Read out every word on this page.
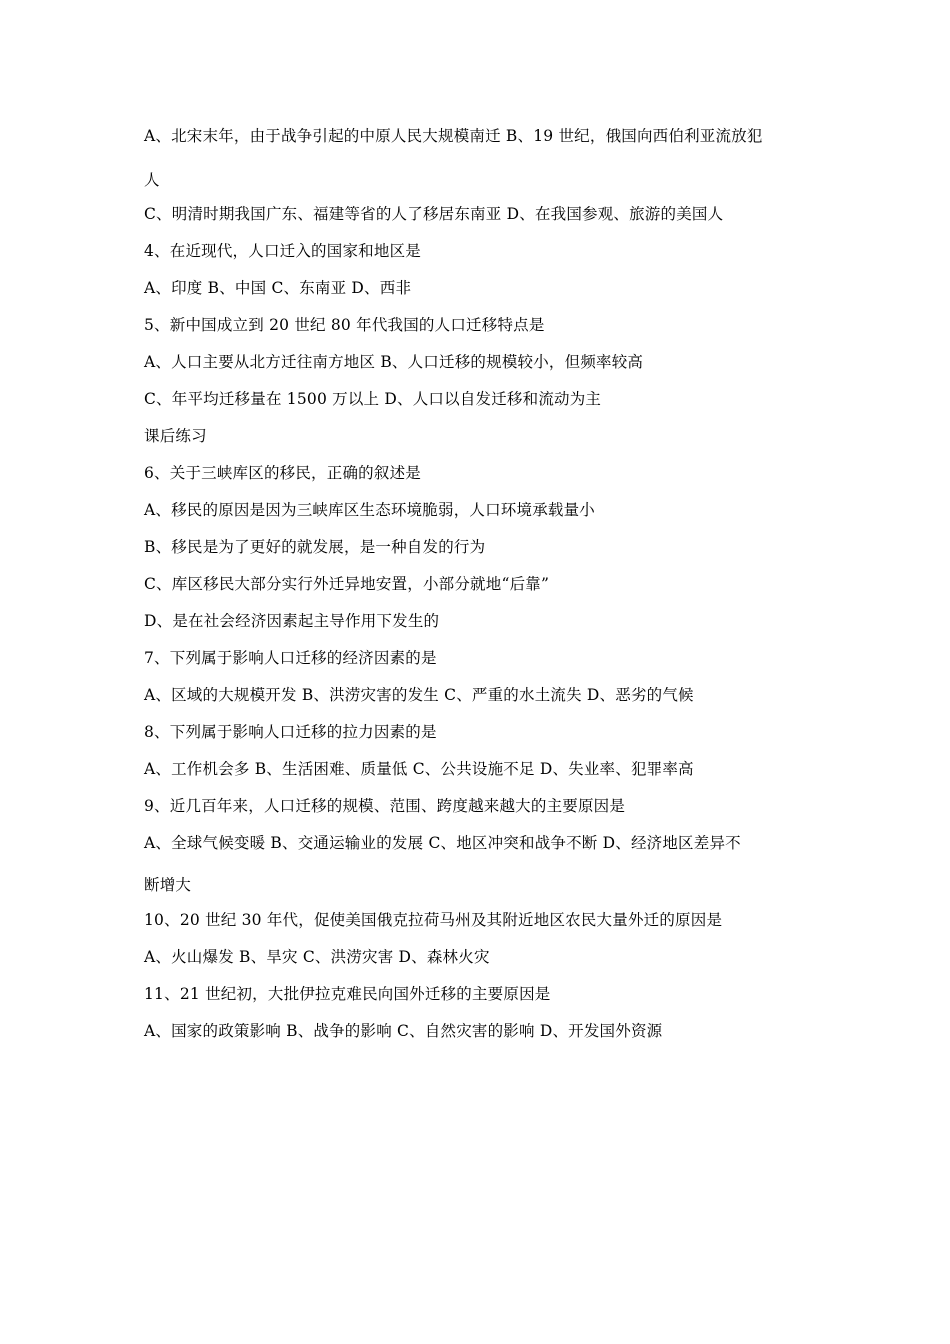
A、北宋末年，由于战争引起的中原人民大规模南迁 B、19 世纪，俄国向西伯利亚流放犯
人
C、明清时期我国广东、福建等省的人了移居东南亚 D、在我国参观、旅游的美国人
4、在近现代，人口迁入的国家和地区是
A、印度 B、中国 C、东南亚 D、西非
5、新中国成立到 20 世纪 80 年代我国的人口迁移特点是
A、人口主要从北方迁往南方地区 B、人口迁移的规模较小，但频率较高
C、年平均迁移量在 1500 万以上 D、人口以自发迁移和流动为主
课后练习
6、关于三峡库区的移民，正确的叙述是
A、移民的原因是因为三峡库区生态环境脆弱，人口环境承载量小
B、移民是为了更好的就发展，是一种自发的行为
C、库区移民大部分实行外迁异地安置，小部分就地“后靠”
D、是在社会经济因素起主导作用下发生的
7、下列属于影响人口迁移的经济因素的是
A、区域的大规模开发 B、洪涝灾害的发生 C、严重的水土流失 D、恶劣的气候
8、下列属于影响人口迁移的拉力因素的是
A、工作机会多 B、生活困难、质量低 C、公共设施不足 D、失业率、犯罪率高
9、近几百年来，人口迁移的规模、范围、跨度越来越大的主要原因是
A、全球气候变暖 B、交通运输业的发展 C、地区冲突和战争不断 D、经济地区差异不
断增大
10、20 世纪 30 年代，促使美国俄克拉荷马州及其附近地区农民大量外迁的原因是
A、火山爆发 B、旱灾 C、洪涝灾害 D、森林火灾
11、21 世纪初，大批伊拉克难民向国外迁移的主要原因是
A、国家的政策影响 B、战争的影响 C、自然灾害的影响 D、开发国外资源
